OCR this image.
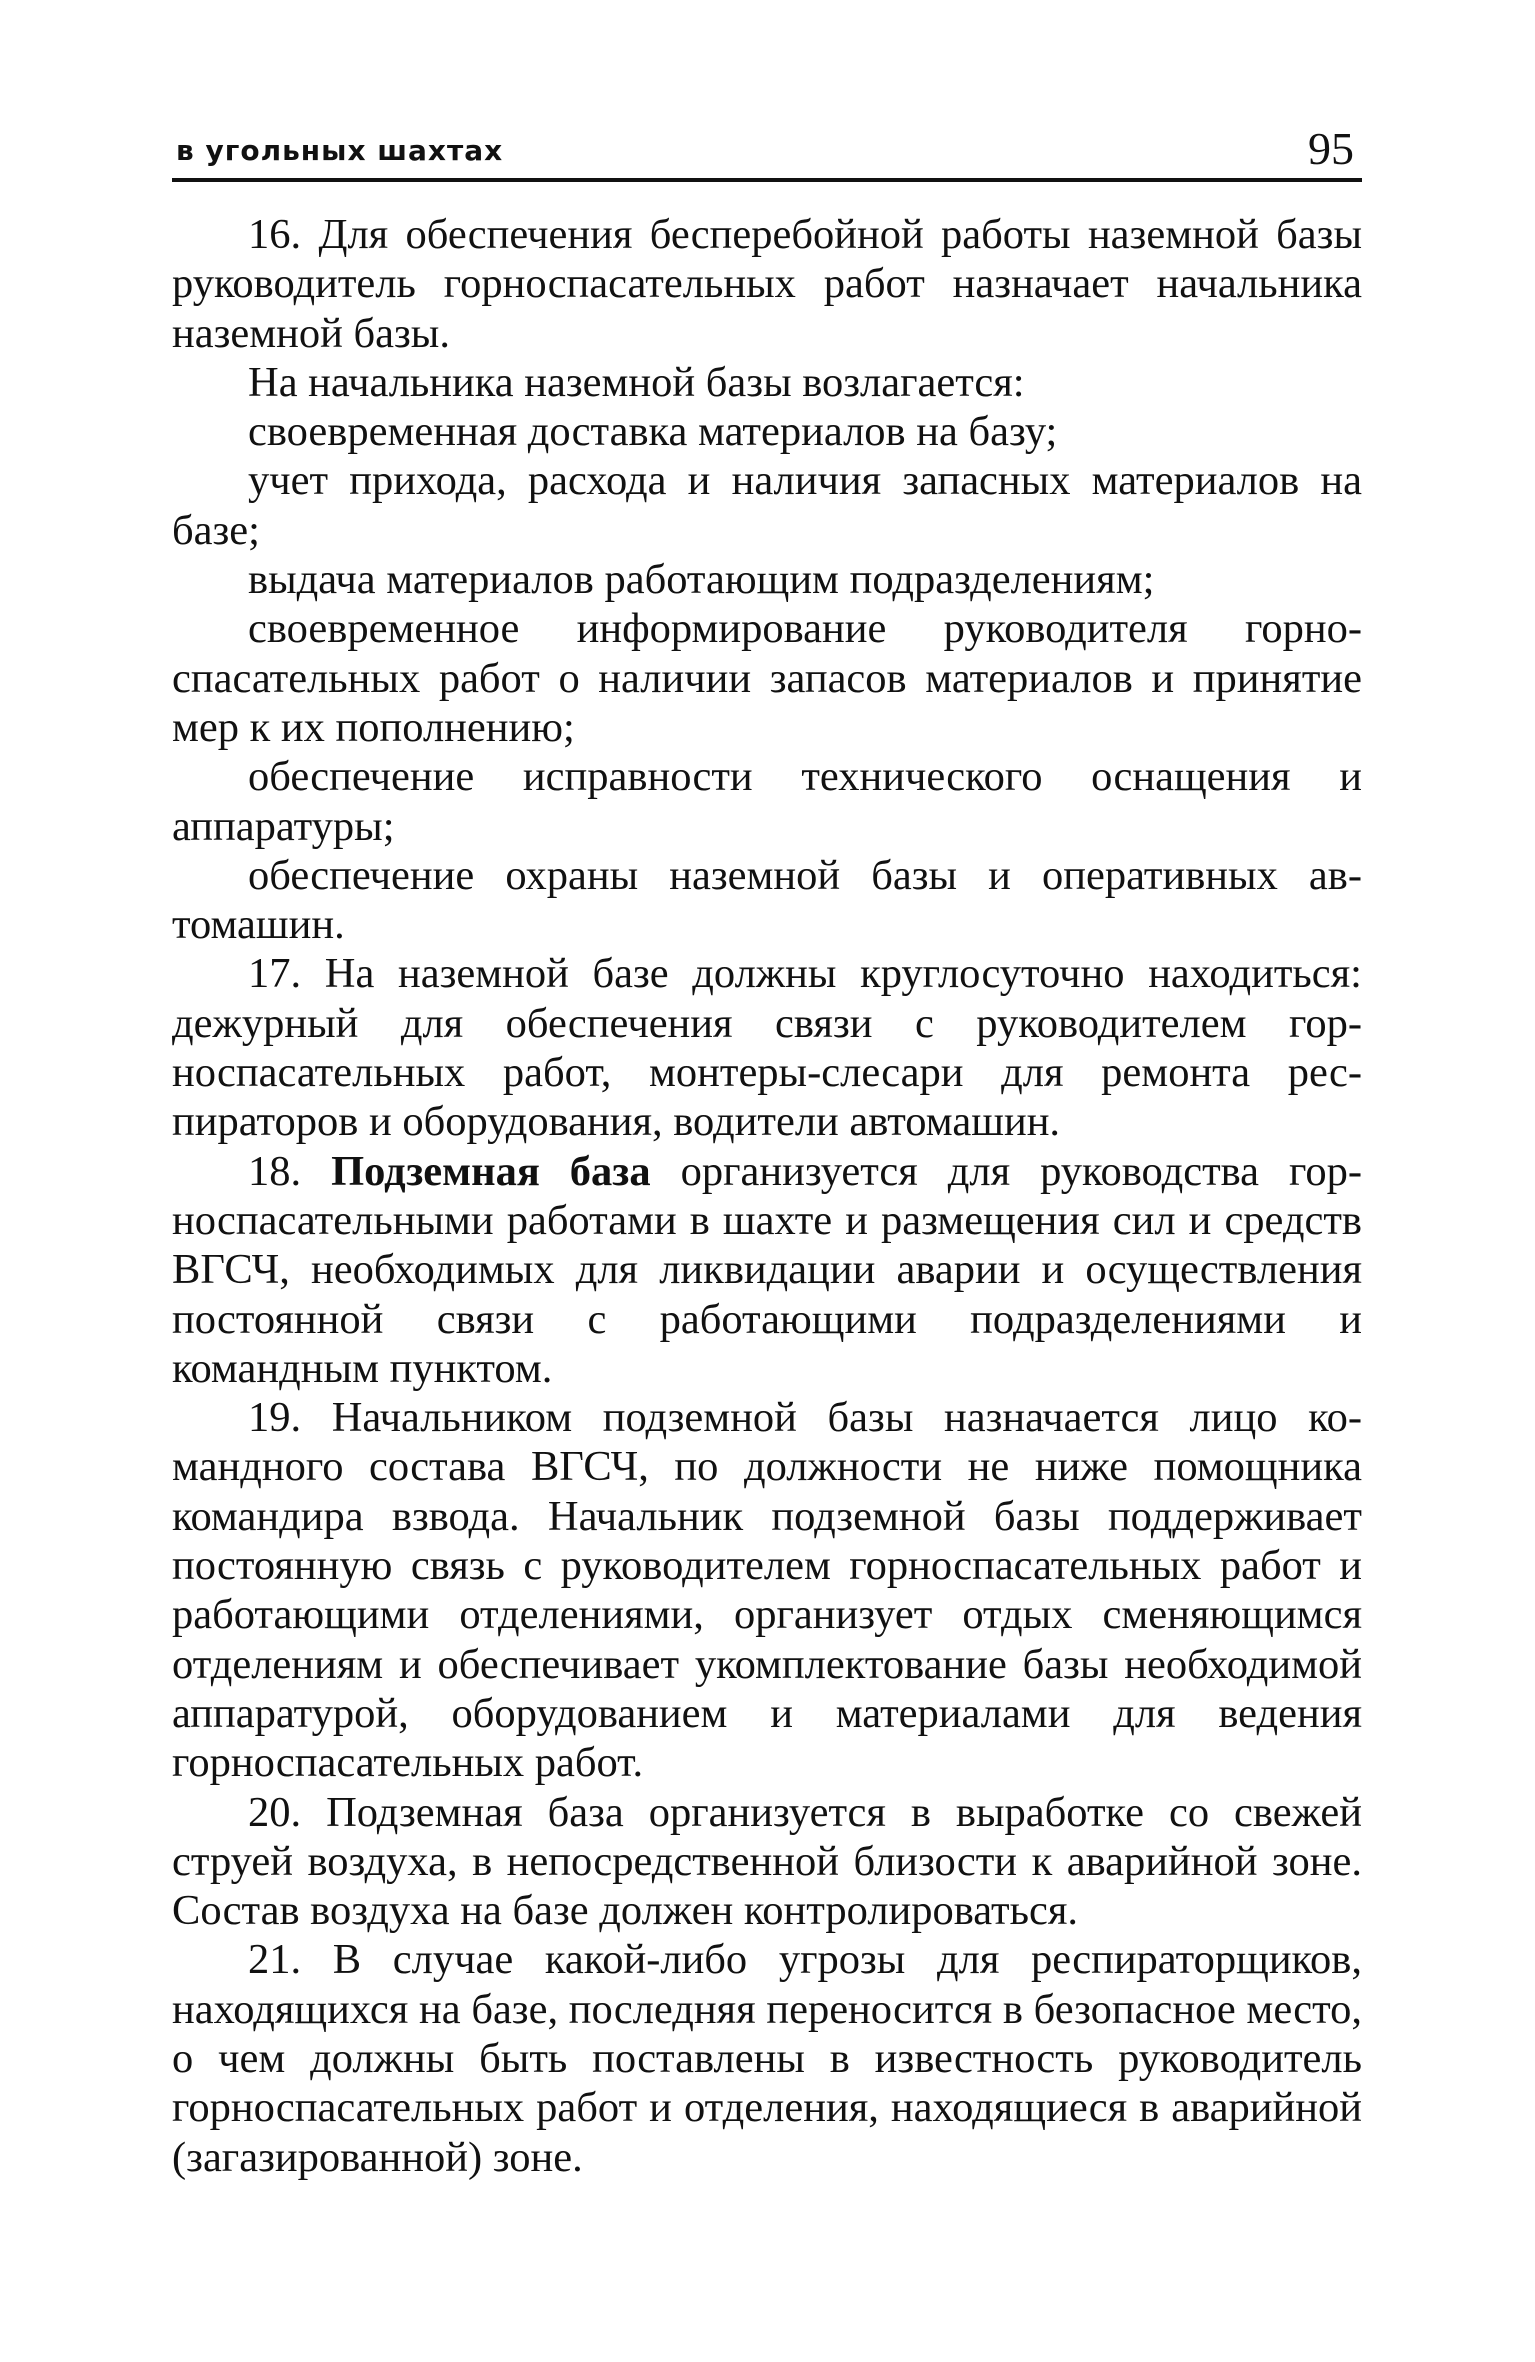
в угольных шахтах	95

16. Для обеспечения бесперебойной работы наземной базы руководитель горноспасательных работ назначает начальника наземной базы.

На начальника наземной базы возлагается:

своевременная доставка материалов на базу;

учет прихода, расхода и наличия запасных материалов на базе;

выдача материалов работающим подразделениям;

своевременное информирование руководителя горноспасательных работ о наличии запасов материалов и принятие мер к их пополнению;

обеспечение исправности технического оснащения и аппаратуры;

обеспечение охраны наземной базы и оперативных автомашин.

17. На наземной базе должны круглосуточно находиться: дежурный для обеспечения связи с руководителем горноспасательных работ, монтеры-слесари для ремонта респираторов и оборудования, водители автомашин.

18. Подземная база организуется для руководства горноспасательными работами в шахте и размещения сил и средств ВГСЧ, необходимых для ликвидации аварии и осуществления постоянной связи с работающими подразделениями и командным пунктом.

19. Начальником подземной базы назначается лицо командного состава ВГСЧ, по должности не ниже помощника командира взвода. Начальник подземной базы поддерживает постоянную связь с руководителем горноспасательных работ и работающими отделениями, организует отдых сменяющимся отделениям и обеспечивает укомплектование базы необходимой аппаратурой, оборудованием и материалами для ведения горноспасательных работ.

20. Подземная база организуется в выработке со свежей струей воздуха, в непосредственной близости к аварийной зоне. Состав воздуха на базе должен контролироваться.

21. В случае какой-либо угрозы для респираторщиков, находящихся на базе, последняя переносится в безопасное место, о чем должны быть поставлены в известность руководитель горноспасательных работ и отделения, находящиеся в аварийной (загазированной) зоне.
